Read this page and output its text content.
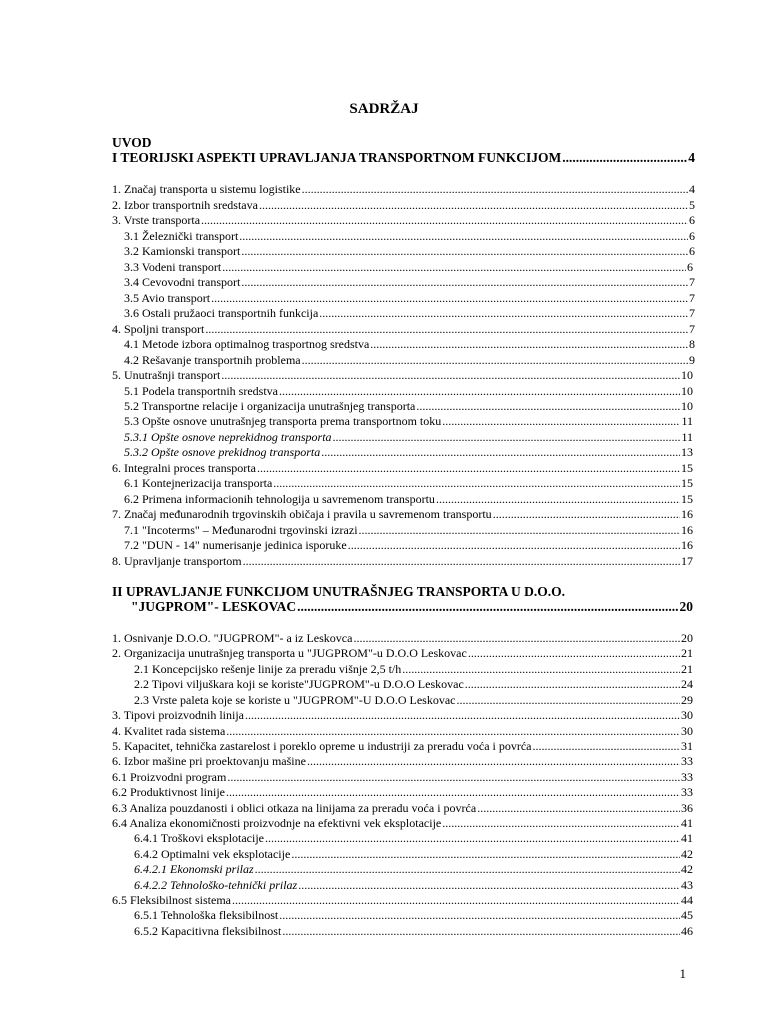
SADRŽAJ
UVOD
I TEORIJSKI ASPEKTI UPRAVLJANJA TRANSPORTNOM FUNKCIJOM .....	4
1. Značaj transporta u sistemu logistike .....	4
2. Izbor transportnih sredstava .....	5
3. Vrste transporta .....	6
3.1 Železnički transport .....	6
3.2 Kamionski transport .....	6
3.3 Vodeni transport .....	6
3.4 Cevovodni transport .....	7
3.5 Avio transport .....	7
3.6 Ostali pružaoci transportnih funkcija .....	7
4. Spoljni transport .....	7
4.1 Metode izbora optimalnog trasportnog sredstva .....	8
4.2 Rešavanje transportnih problema .....	9
5. Unutrašnji transport .....	10
5.1 Podela transportnih sredstva .....	10
5.2 Transportne relacije i organizacija unutrašnjeg transporta .....	10
5.3 Opšte osnove unutrašnjeg transporta prema transportnom toku .....	11
5.3.1 Opšte osnove neprekidnog transporta .....	11
5.3.2 Opšte osnove prekidnog transporta .....	13
6. Integralni proces transporta .....	15
6.1 Kontejnerizacija transporta .....	15
6.2 Primena informacionih tehnologija u savremenom transportu .....	15
7. Značaj međunarodnih trgovinskih običaja i pravila u savremenom transportu .....	16
7.1 "Incoterms" – Međunarodni trgovinski izrazi .....	16
7.2 "DUN - 14" numerisanje jedinica isporuke .....	16
8. Upravljanje transportom .....	17
II UPRAVLJANJE FUNKCIJOM UNUTRAŠNJEG TRANSPORTA U D.O.O.
"JUGPROM"- LESKOVAC .....	20
1. Osnivanje D.O.O. "JUGPROM"- a iz Leskovca .....	20
2. Organizacija unutrašnjeg transporta u "JUGPROM"-u D.O.O Leskovac .....	21
2.1 Koncepcijsko rešenje linije za preradu višnje 2,5 t/h .....	21
2.2 Tipovi viljuškara koji se koriste"JUGPROM"-u D.O.O Leskovac .....	24
2.3 Vrste paleta koje se koriste u "JUGPROM"-U D.O.O Leskovac .....	29
3. Tipovi proizvodnih linija .....	30
4. Kvalitet rada sistema .....	30
5. Kapacitet, tehnička zastarelost i poreklo opreme u industriji za preradu voća i povrća .....	31
6. Izbor mašine pri proektovanju mašine .....	33
6.1 Proizvodni program .....	33
6.2 Produktivnost linije .....	33
6.3 Analiza pouzdanosti i oblici otkaza na linijama za preradu voća i povrća .....	36
6.4 Analiza ekonomičnosti proizvodnje na efektivni vek eksplotacije .....	41
6.4.1 Troškovi eksplotacije .....	41
6.4.2 Optimalni vek eksplotacije .....	42
6.4.2.1 Ekonomski prilaz .....	42
6.4.2.2 Tehnološko-tehnički prilaz .....	43
6.5 Fleksibilnost sistema .....	44
6.5.1 Tehnološka fleksibilnost .....	45
6.5.2 Kapacitivna fleksibilnost .....	46
1
